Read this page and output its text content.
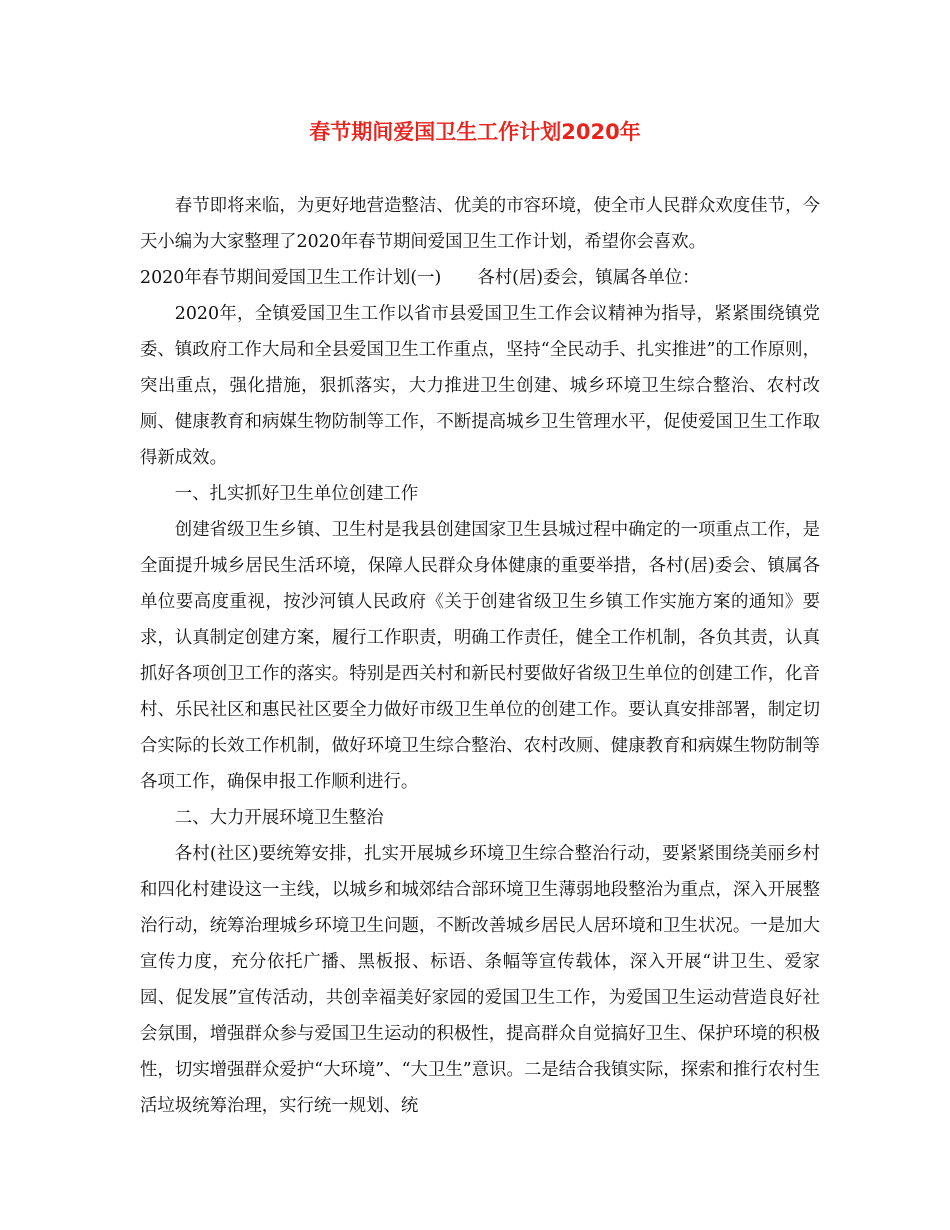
春节期间爱国卫生工作计划2020年

春节即将来临，为更好地营造整洁、优美的市容环境，使全市人民群众欢度佳节，今天小编为大家整理了2020年春节期间爱国卫生工作计划，希望你会喜欢。

2020年春节期间爱国卫生工作计划(一) 各村(居)委会，镇属各单位：

2020年，全镇爱国卫生工作以省市县爱国卫生工作会议精神为指导，紧紧围绕镇党委、镇政府工作大局和全县爱国卫生工作重点，坚持“全民动手、扎实推进”的工作原则，突出重点，强化措施，狠抓落实，大力推进卫生创建、城乡环境卫生综合整治、农村改厕、健康教育和病媒生物防制等工作，不断提高城乡卫生管理水平，促使爱国卫生工作取得新成效。

一、扎实抓好卫生单位创建工作

创建省级卫生乡镇、卫生村是我县创建国家卫生县城过程中确定的一项重点工作，是全面提升城乡居民生活环境，保障人民群众身体健康的重要举措，各村(居)委会、镇属各单位要高度重视，按沙河镇人民政府《关于创建省级卫生乡镇工作实施方案的通知》要求，认真制定创建方案，履行工作职责，明确工作责任，健全工作机制，各负其责，认真抓好各项创卫工作的落实。特别是西关村和新民村要做好省级卫生单位的创建工作，化音村、乐民社区和惠民社区要全力做好市级卫生单位的创建工作。要认真安排部署，制定切合实际的长效工作机制，做好环境卫生综合整治、农村改厕、健康教育和病媒生物防制等各项工作，确保申报工作顺利进行。

二、大力开展环境卫生整治

各村(社区)要统筹安排，扎实开展城乡环境卫生综合整治行动，要紧紧围绕美丽乡村和四化村建设这一主线，以城乡和城郊结合部环境卫生薄弱地段整治为重点，深入开展整治行动，统筹治理城乡环境卫生问题，不断改善城乡居民人居环境和卫生状况。一是加大宣传力度，充分依托广播、黑板报、标语、条幅等宣传载体，深入开展“讲卫生、爱家园、促发展”宣传活动，共创幸福美好家园的爱国卫生工作，为爱国卫生运动营造良好社会氛围，增强群众参与爱国卫生运动的积极性，提高群众自觉搞好卫生、保护环境的积极性，切实增强群众爱护“大环境”、“大卫生”意识。二是结合我镇实际，探索和推行农村生活垃圾统筹治理，实行统一规划、统
